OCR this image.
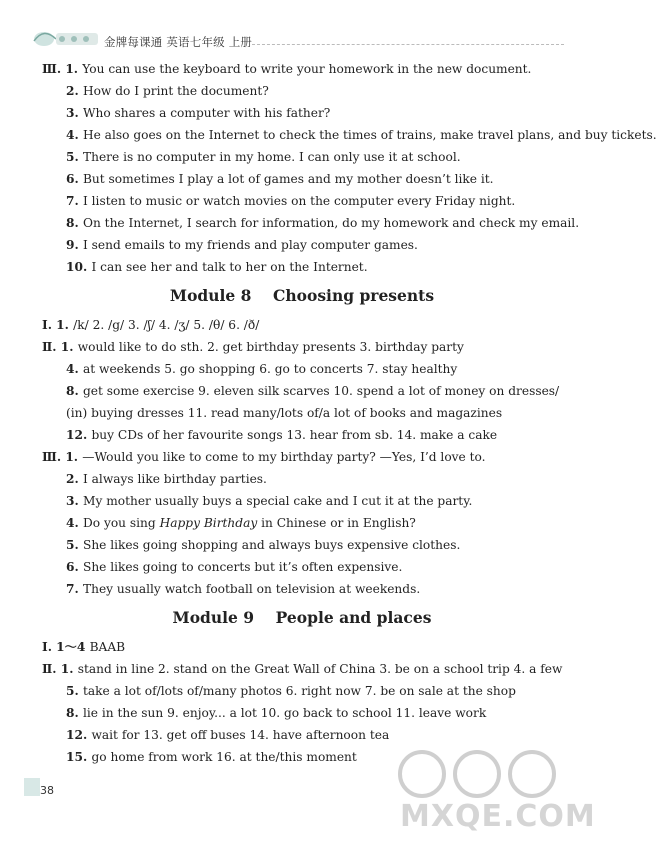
金牌每课通 英语七年级 上册
Ⅲ. 1. You can use the keyboard to write your homework in the new document.
2. How do I print the document?
3. Who shares a computer with his father?
4. He also goes on the Internet to check the times of trains, make travel plans, and buy tickets.
5. There is no computer in my home. I can only use it at school.
6. But sometimes I play a lot of games and my mother doesn’t like it.
7. I listen to music or watch movies on the computer every Friday night.
8. On the Internet, I search for information, do my homework and check my email.
9. I send emails to my friends and play computer games.
10. I can see her and talk to her on the Internet.
Module 8    Choosing presents
Ⅰ. 1. /k/ 2. /g/ 3. /ʃ/ 4. /ʒ/ 5. /θ/ 6. /ð/
Ⅱ. 1. would like to do sth. 2. get birthday presents 3. birthday party
4. at weekends 5. go shopping 6. go to concerts 7. stay healthy
8. get some exercise 9. eleven silk scarves 10. spend a lot of money on dresses/
(in) buying dresses 11. read many/lots of/a lot of books and magazines
12. buy CDs of her favourite songs 13. hear from sb. 14. make a cake
Ⅲ. 1. —Would you like to come to my birthday party? —Yes, I’d love to.
2. I always like birthday parties.
3. My mother usually buys a special cake and I cut it at the party.
4. Do you sing Happy Birthday in Chinese or in English?
5. She likes going shopping and always buys expensive clothes.
6. She likes going to concerts but it’s often expensive.
7. They usually watch football on television at weekends.
Module 9    People and places
Ⅰ. 1～4 BAAB
Ⅱ. 1. stand in line 2. stand on the Great Wall of China 3. be on a school trip 4. a few
5. take a lot of/lots of/many photos 6. right now 7. be on sale at the shop
8. lie in the sun 9. enjoy... a lot 10. go back to school 11. leave work
12. wait for 13. get off buses 14. have afternoon tea
15. go home from work 16. at the/this moment
38
MXQE.COM
